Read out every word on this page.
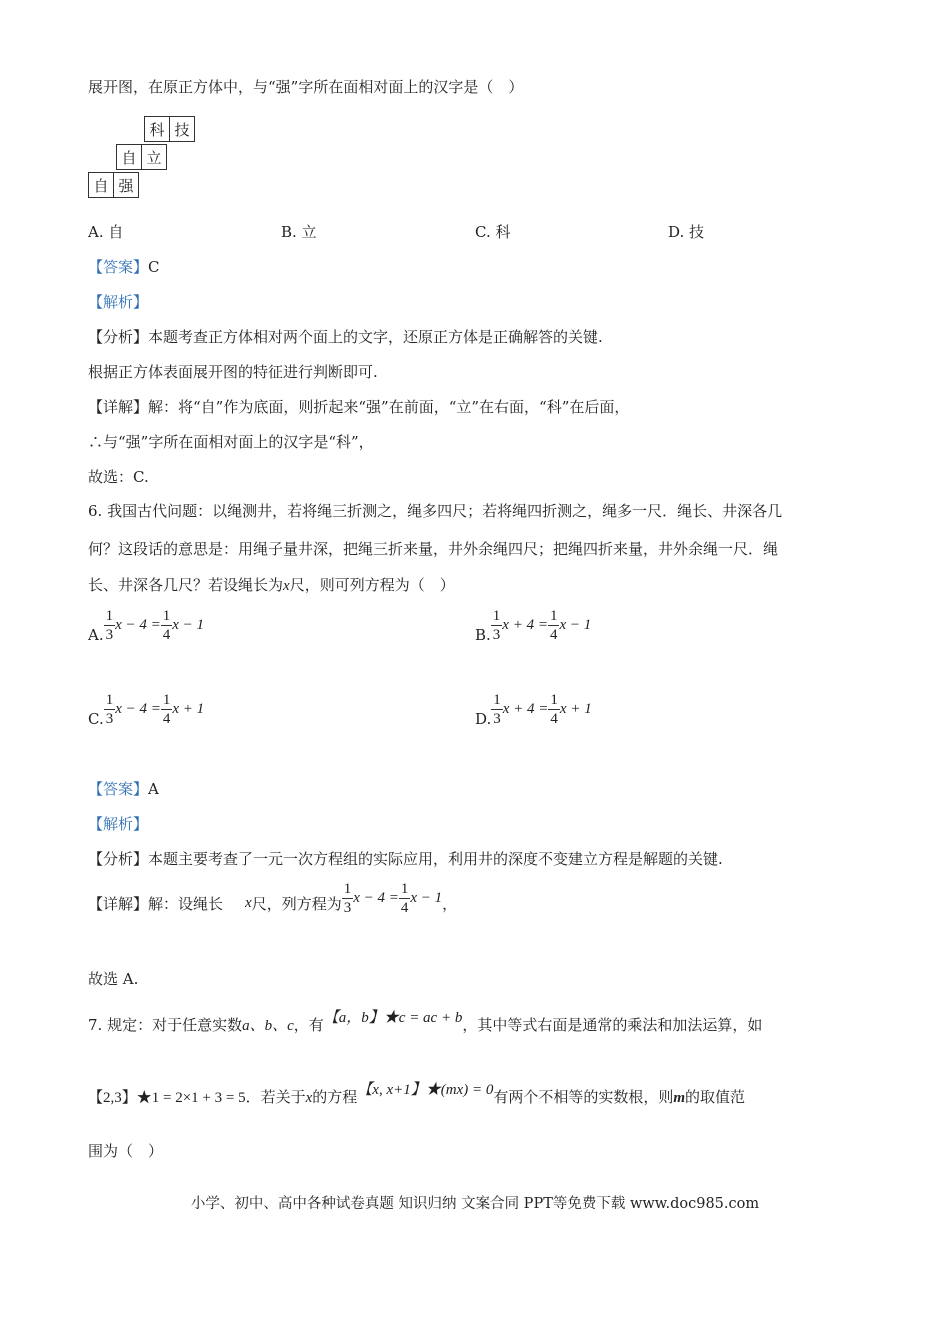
展开图，在原正方体中，与“强”字所在面相对面上的汉字是（　）
科 技
自 立
自 强
A. 自	B. 立	C. 科	D. 技
【答案】C
【解析】
【分析】本题考查正方体相对两个面上的文字，还原正方体是正确解答的关键.
根据正方体表面展开图的特征进行判断即可.
【详解】解：将“自”作为底面，则折起来“强”在前面，“立”在右面，“科”在后面，
∴与“强”字所在面相对面上的汉字是“科”，
故选：C.
6. 我国古代问题：以绳测井，若将绳三折测之，绳多四尺；若将绳四折测之，绳多一尺．绳长、井深各几
何？这段话的意思是：用绳子量井深，把绳三折来量，井外余绳四尺；把绳四折来量，井外余绳一尺．绳
长、井深各几尺？若设绳长为x尺，则可列方程为（　）
A. $\frac{1}{3}$ $x - 4 = \frac{1}{4}$ x − 1
B. $\frac{1}{3}$ $x + 4 = \frac{1}{4}$ x − 1
C. $\frac{1}{3}$ $x - 4 = \frac{1}{4}$ x + 1
D. $\frac{1}{3}$ $x + 4 = \frac{1}{4}$ x + 1
【答案】A
【解析】
【分析】本题主要考查了一元一次方程组的实际应用，利用井的深度不变建立方程是解题的关键.
【详解】 解：设绳长 x 尺，列方程为 $\frac{1}{3}$ $x - 4 = \frac{1}{4}$ x − 1 ，
故选 A.
7. 规定：对于任意实数a、b、c，有【a，b】★c = ac + b，其中等式右面是通常的乘法和加法运算，如
【2,3】★1 = 2×1 + 3 = 5．若关于x的方程【x, x+1】★(mx) = 0有两个不相等的实数根，则m的取值范
围为（　）
小学、初中、高中各种试卷真题 知识归纳 文案合同 PPT等免费下载 www.doc985.com
